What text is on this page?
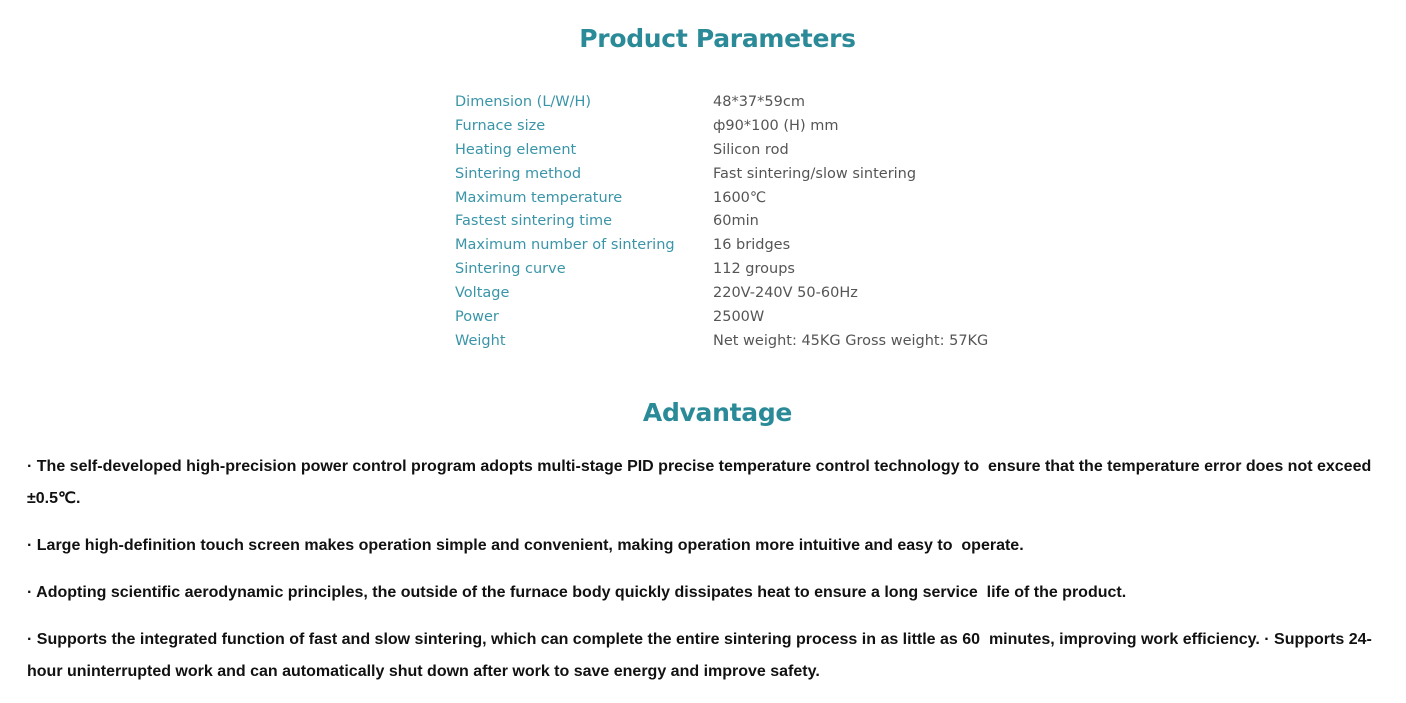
Product Parameters
Dimension (L/W/H)	48*37*59cm
Furnace size	ф90*100 (H) mm
Heating element	Silicon rod
Sintering method	Fast sintering/slow sintering
Maximum temperature	1600℃
Fastest sintering time	60min
Maximum number of sintering	16 bridges
Sintering curve	112 groups
Voltage	220V-240V 50-60Hz
Power	2500W
Weight	Net weight: 45KG Gross weight: 57KG
Advantage

· The self-developed high-precision power control program adopts multi-stage PID precise temperature control technology to  ensure that the temperature error does not exceed ±0.5℃.

· Large high-definition touch screen makes operation simple and convenient, making operation more intuitive and easy to  operate.

· Adopting scientific aerodynamic principles, the outside of the furnace body quickly dissipates heat to ensure a long service  life of the product.

· Supports the integrated function of fast and slow sintering, which can complete the entire sintering process in as little as 60  minutes, improving work efficiency. · Supports 24-hour uninterrupted work and can automatically shut down after work to save energy and improve safety.
